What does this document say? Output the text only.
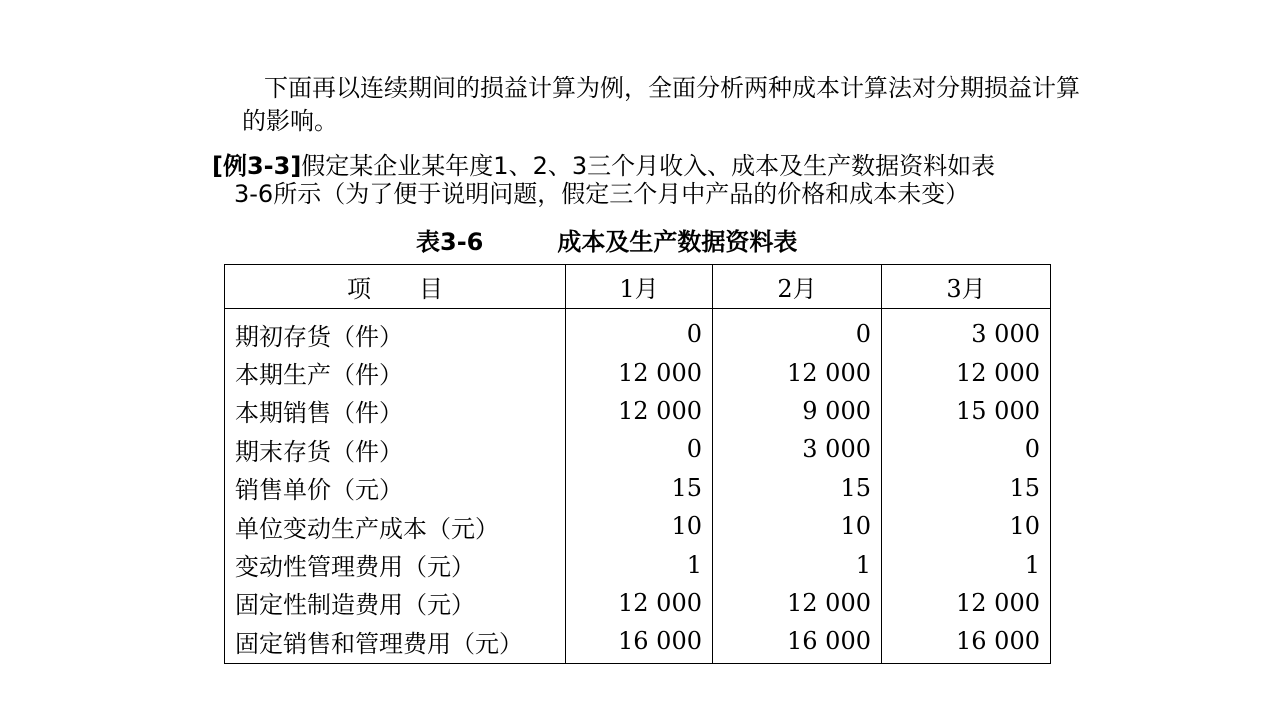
下面再以连续期间的损益计算为例，全面分析两种成本计算法对分期损益计算的影响。

[例3-3]假定某企业某年度1、2、3三个月收入、成本及生产数据资料如表
3-6所示（为了便于说明问题，假定三个月中产品的价格和成本未变）

表3-6	成本及生产数据资料表

项　　目	1月	2月	3月
期初存货（件）	0	0	3 000
本期生产（件）	12 000	12 000	12 000
本期销售（件）	12 000	9 000	15 000
期末存货（件）	0	3 000	0
销售单价（元）	15	15	15
单位变动生产成本（元）	10	10	10
变动性管理费用（元）	1	1	1
固定性制造费用（元）	12 000	12 000	12 000
固定销售和管理费用（元）	16 000	16 000	16 000
